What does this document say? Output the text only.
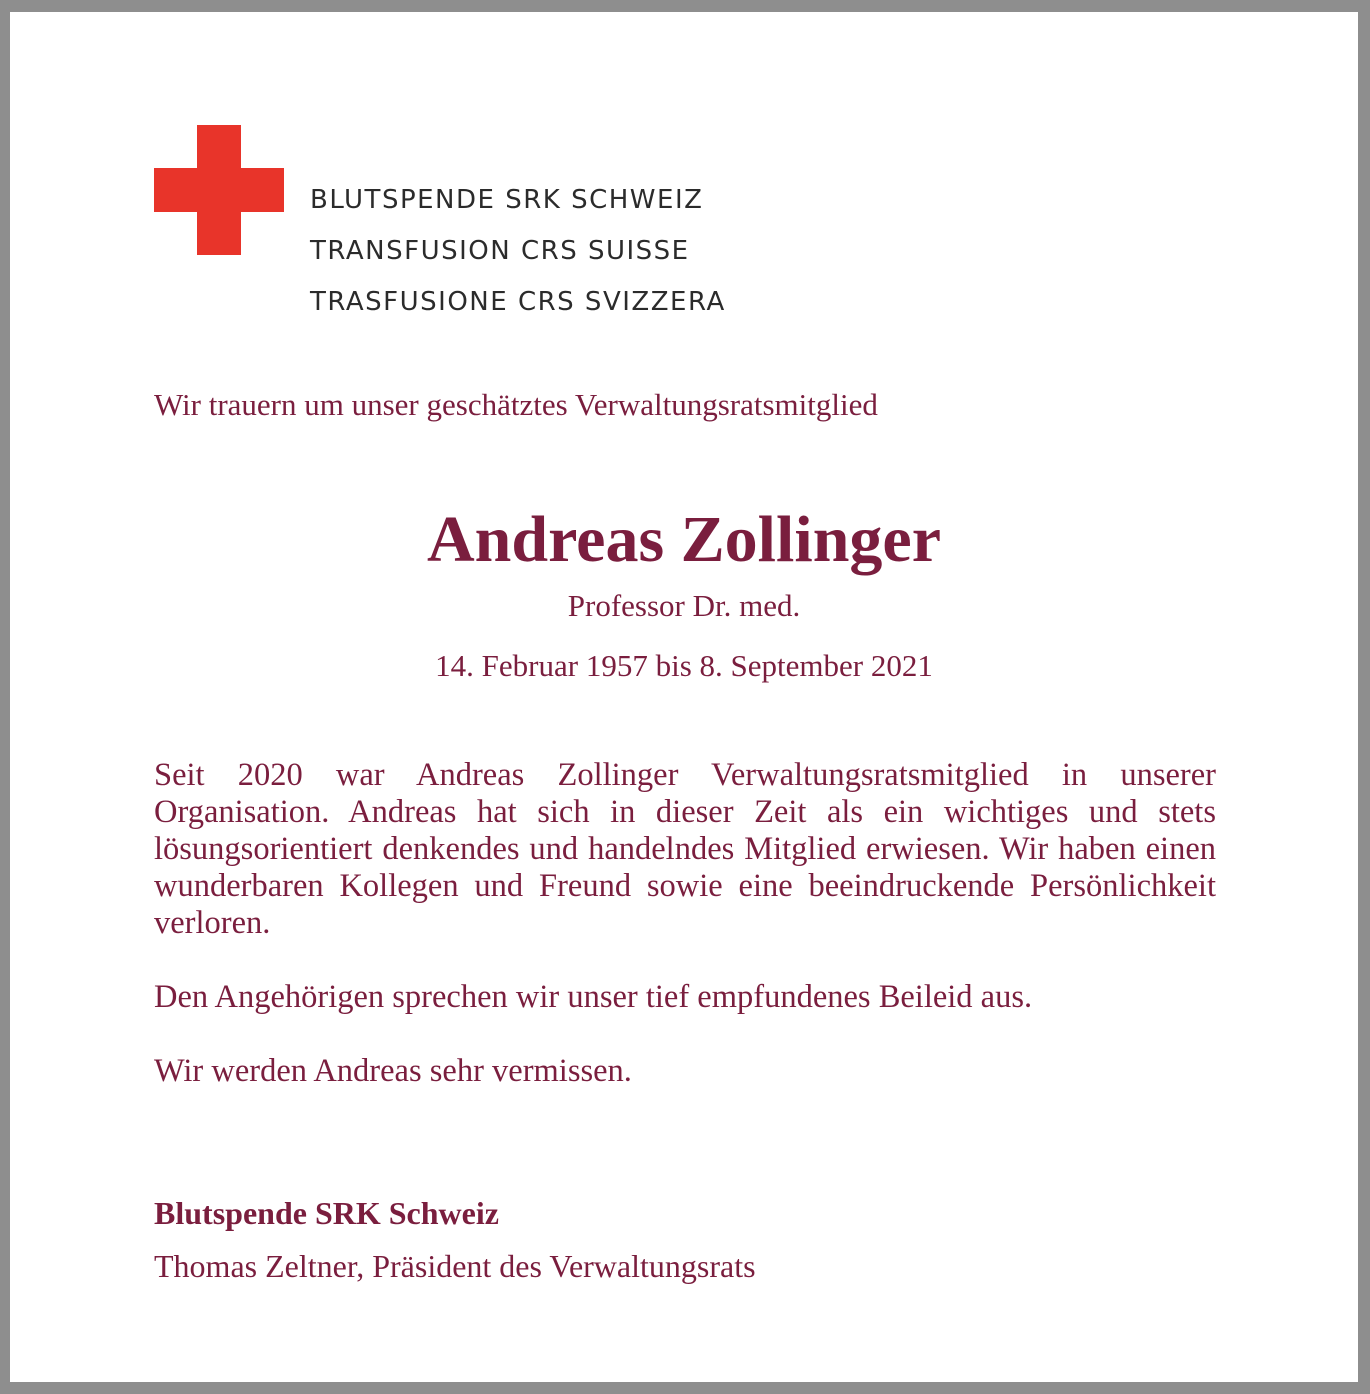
BLUTSPENDE SRK SCHWEIZ
TRANSFUSION CRS SUISSE
TRASFUSIONE CRS SVIZZERA
Wir trauern um unser geschätztes Verwaltungsratsmitglied
Andreas Zollinger
Professor Dr. med.
14. Februar 1957 bis 8. September 2021

Seit 2020 war Andreas Zollinger Verwaltungsratsmitglied in unserer Organisation. Andreas hat sich in dieser Zeit als ein wichtiges und stets lösungsorientiert denkendes und handelndes Mitglied erwiesen. Wir haben einen wunderbaren Kollegen und Freund sowie eine beeindruckende Persönlichkeit verloren.

Den Angehörigen sprechen wir unser tief empfundenes Beileid aus.

Wir werden Andreas sehr vermissen.

Blutspende SRK Schweiz
Thomas Zeltner, Präsident des Verwaltungsrats
